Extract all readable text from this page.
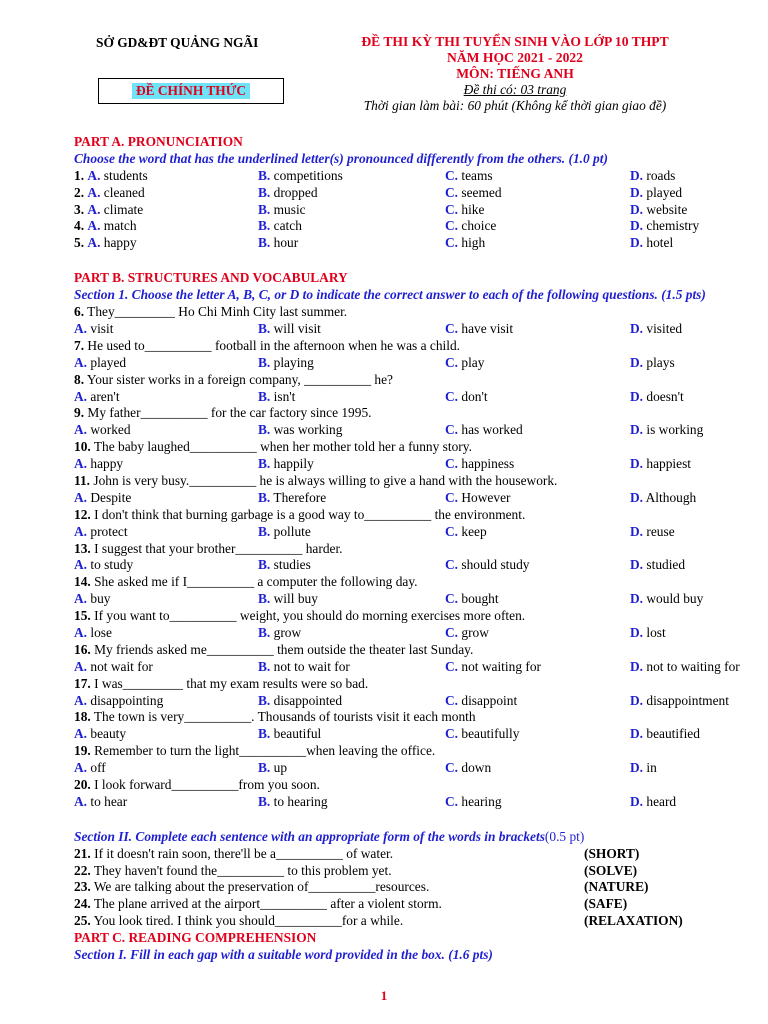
SỞ GD&ĐT QUẢNG NGÃI
ĐỀ CHÍNH THỨC
ĐỀ THI KỲ THI TUYỂN SINH VÀO LỚP 10 THPT
NĂM HỌC 2021 - 2022
MÔN: TIẾNG ANH
Đề thi có: 03 trang
Thời gian làm bài: 60 phút (Không kể thời gian giao đề)
PART A. PRONUNCIATION
Choose the word that has the underlined letter(s) pronounced differently from the others. (1.0 pt)
1. A. students	B. competitions	C. teams	D. roads
2. A. cleaned	B. dropped	C. seemed	D. played
3. A. climate	B. music	C. hike	D. website
4. A. match	B. catch	C. choice	D. chemistry
5. A. happy	B. hour	C. high	D. hotel
PART B. STRUCTURES AND VOCABULARY
Section 1. Choose the letter A, B, C, or D to indicate the correct answer to each of the following questions. (1.5 pts)
6. They_________ Ho Chi Minh City last summer.
A. visit	B. will visit	C. have visit	D. visited
7. He used to__________ football in the afternoon when he was a child.
A. played	B. playing	C. play	D. plays
8. Your sister works in a foreign company, __________ he?
A. aren't	B. isn't	C. don't	D. doesn't
9. My father__________ for the car factory since 1995.
A. worked	B. was working	C. has worked	D. is working
10. The baby laughed__________ when her mother told her a funny story.
A. happy	B. happily	C. happiness	D. happiest
11. John is very busy.__________ he is always willing to give a hand with the housework.
A. Despite	B. Therefore	C. However	D. Although
12. I don't think that burning garbage is a good way to__________ the environment.
A. protect	B. pollute	C. keep	D. reuse
13. I suggest that your brother__________ harder.
A. to study	B. studies	C. should study	D. studied
14. She asked me if I__________ a computer the following day.
A. buy	B. will buy	C. bought	D. would buy
15. If you want to__________ weight, you should do morning exercises more often.
A. lose	B. grow	C. grow	D. lost
16. My friends asked me__________ them outside the theater last Sunday.
A. not wait for	B. not to wait for	C. not waiting for	D. not to waiting for
17. I was_________ that my exam results were so bad.
A. disappointing	B. disappointed	C. disappoint	D. disappointment
18. The town is very__________. Thousands of tourists visit it each month
A. beauty	B. beautiful	C. beautifully	D. beautified
19. Remember to turn the light__________when leaving the office.
A. off	B. up	C. down	D. in
20. I look forward__________from you soon.
A. to hear	B. to hearing	C. hearing	D. heard
Section II. Complete each sentence with an appropriate form of the words in brackets(0.5 pt)
21. If it doesn't rain soon, there'll be a__________ of water.	(SHORT)
22. They haven't found the__________ to this problem yet.	(SOLVE)
23. We are talking about the preservation of__________resources.	(NATURE)
24. The plane arrived at the airport__________ after a violent storm.	(SAFE)
25. You look tired. I think you should__________for a while.	(RELAXATION)
PART C. READING COMPREHENSION
Section I. Fill in each gap with a suitable word provided in the box. (1.6 pts)
1
